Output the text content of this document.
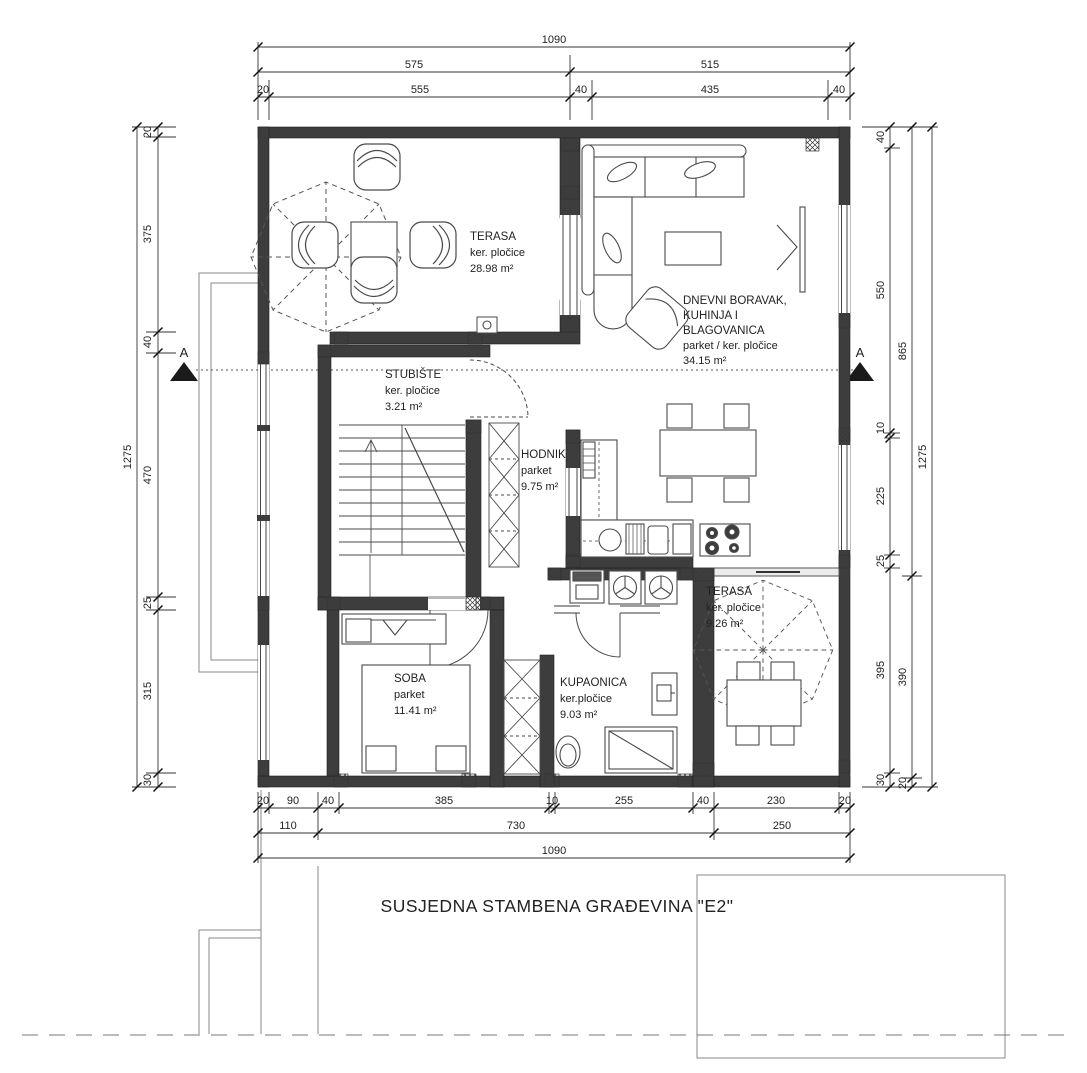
SUSJEDNA STAMBENA GRAĐEVINA "E2"
A	A
1090
575	515
20	555	40	435	40
20 90 40	385	10	255	40	230	20
110	730	250
1090
20
375
40
470
25
315
30
1275
40
550
10
225
25
395
30
865
390
20
1275
TERASA
ker. pločice
28.98 m²
DNEVNI BORAVAK,
KUHINJA I
BLAGOVANICA
parket / ker. pločice
34.15 m²
STUBIŠTE
ker. pločice
3.21 m²
HODNIK
parket
9.75 m²
SOBA
parket
11.41 m²
KUPAONICA
ker.pločice
9.03 m²
TERASA
ker. pločice
9.26 m²
